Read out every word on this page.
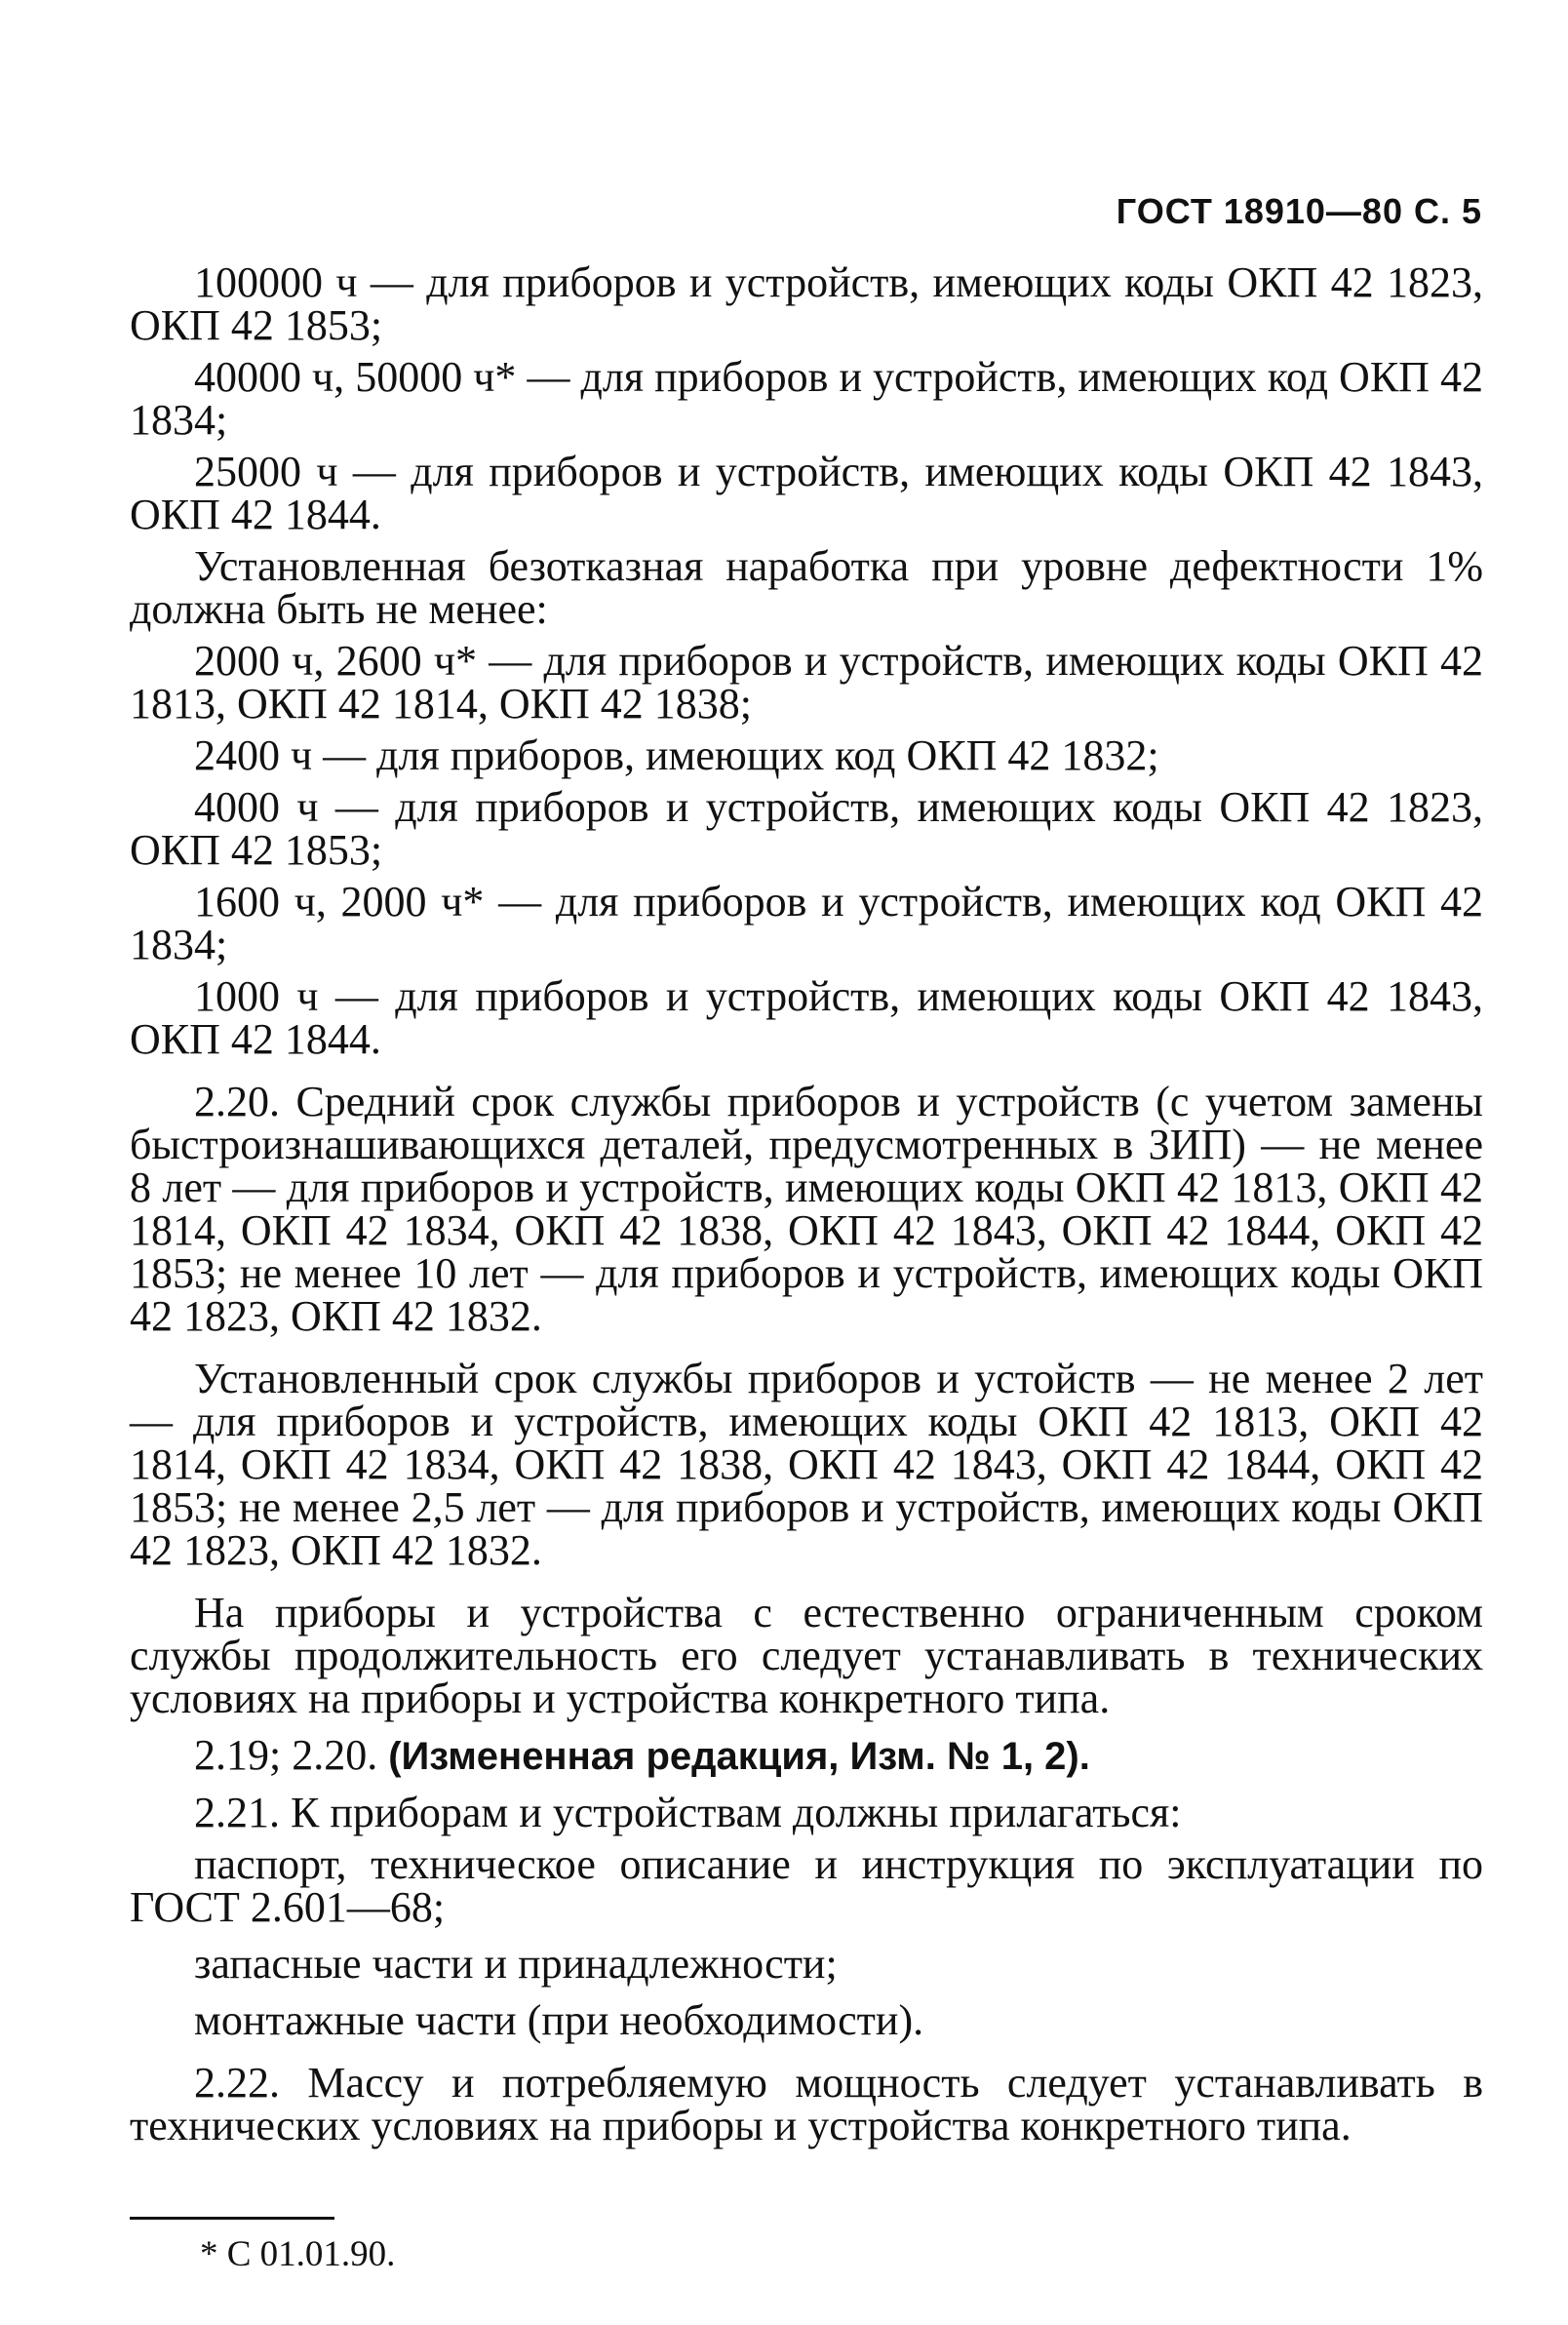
ГОСТ 18910—80 С. 5

100000 ч — для приборов и устройств, имеющих коды ОКП 42 1823, ОКП 42 1853;

40000 ч, 50000 ч* — для приборов и устройств, имеющих код ОКП 42 1834;

25000 ч — для приборов и устройств, имеющих коды ОКП 42 1843, ОКП 42 1844.

Установленная безотказная наработка при уровне дефектности 1% должна быть не менее:

2000 ч, 2600 ч* — для приборов и устройств, имеющих коды ОКП 42 1813, ОКП 42 1814, ОКП 42 1838;

2400 ч — для приборов, имеющих код ОКП 42 1832;

4000 ч — для приборов и устройств, имеющих коды ОКП 42 1823, ОКП 42 1853;

1600 ч, 2000 ч* — для приборов и устройств, имеющих код ОКП 42 1834;

1000 ч — для приборов и устройств, имеющих коды ОКП 42 1843, ОКП 42 1844.

2.20. Средний срок службы приборов и устройств (с учетом замены быстроизнашивающихся деталей, предусмотренных в ЗИП) — не менее 8 лет — для приборов и устройств, имеющих коды ОКП 42 1813, ОКП 42 1814, ОКП 42 1834, ОКП 42 1838, ОКП 42 1843, ОКП 42 1844, ОКП 42 1853; не менее 10 лет — для приборов и устройств, имеющих коды ОКП 42 1823, ОКП 42 1832.

Установленный срок службы приборов и устойств — не менее 2 лет — для приборов и устройств, имеющих коды ОКП 42 1813, ОКП 42 1814, ОКП 42 1834, ОКП 42 1838, ОКП 42 1843, ОКП 42 1844, ОКП 42 1853; не менее 2,5 лет — для приборов и устройств, имеющих коды ОКП 42 1823, ОКП 42 1832.

На приборы и устройства с естественно ограниченным сроком службы продолжительность его следует устанавливать в технических условиях на приборы и устройства конкретного типа.

2.19; 2.20. (Измененная редакция, Изм. № 1, 2).

2.21. К приборам и устройствам должны прилагаться:

паспорт, техническое описание и инструкция по эксплуатации по ГОСТ 2.601—68;

запасные части и принадлежности;

монтажные части (при необходимости).

2.22. Массу и потребляемую мощность следует устанавливать в технических условиях на приборы и устройства конкретного типа.

* С 01.01.90.
